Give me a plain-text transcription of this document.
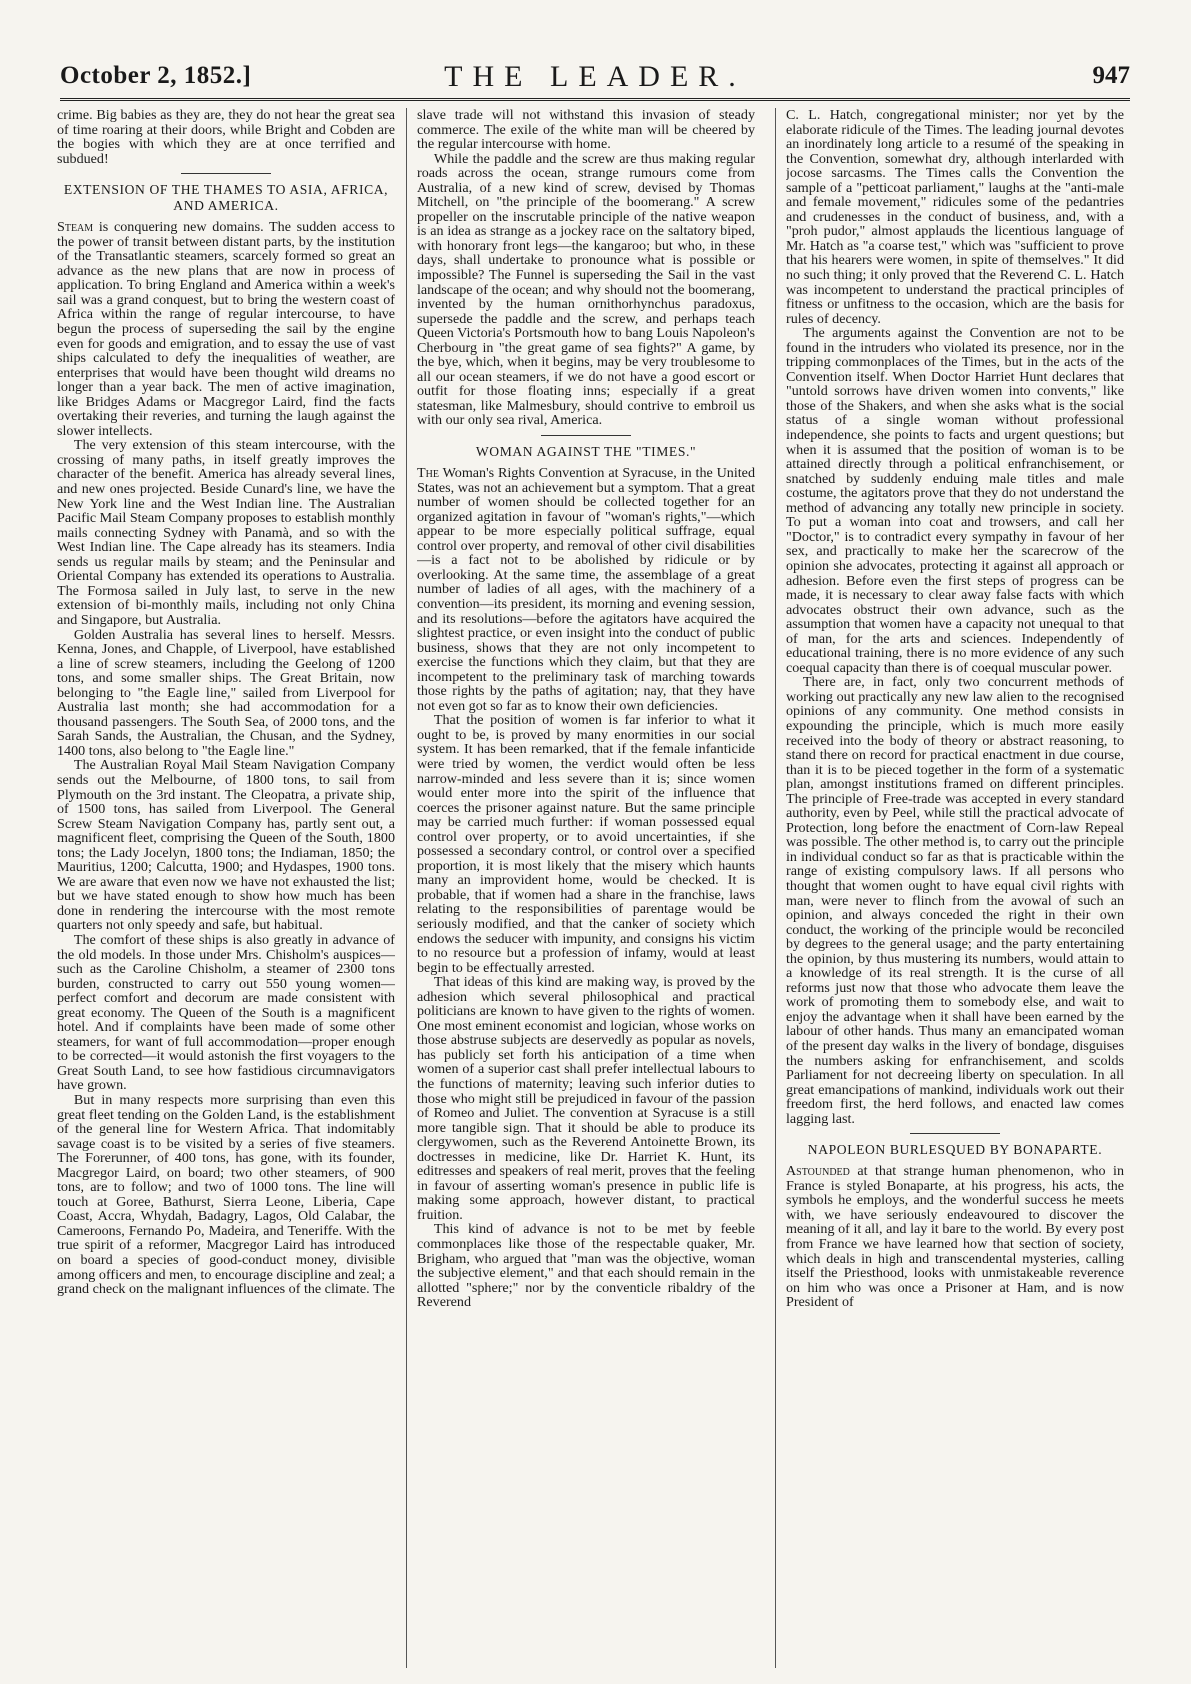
October 2, 1852.]	THE LEADER.	947

crime. Big babies as they are, they do not hear the great sea of time roaring at their doors, while Bright and Cobden are the bogies with which they are at once terrified and subdued!

EXTENSION OF THE THAMES TO ASIA, AFRICA, AND AMERICA.

Steam is conquering new domains. The sudden access to the power of transit between distant parts, by the institution of the Transatlantic steamers, scarcely formed so great an advance as the new plans that are now in process of application. To bring England and America within a week's sail was a grand conquest, but to bring the western coast of Africa within the range of regular intercourse, to have begun the process of superseding the sail by the engine even for goods and emigration, and to essay the use of vast ships calculated to defy the inequalities of weather, are enterprises that would have been thought wild dreams no longer than a year back. The men of active imagination, like Bridges Adams or Macgregor Laird, find the facts overtaking their reveries, and turning the laugh against the slower intellects.

The very extension of this steam intercourse, with the crossing of many paths, in itself greatly improves the character of the benefit. America has already several lines, and new ones projected. Beside Cunard's line, we have the New York line and the West Indian line. The Australian Pacific Mail Steam Company proposes to establish monthly mails connecting Sydney with Panamà, and so with the West Indian line. The Cape already has its steamers. India sends us regular mails by steam; and the Peninsular and Oriental Company has extended its operations to Australia. The Formosa sailed in July last, to serve in the new extension of bi-monthly mails, including not only China and Singapore, but Australia.

Golden Australia has several lines to herself. Messrs. Kenna, Jones, and Chapple, of Liverpool, have established a line of screw steamers, including the Geelong of 1200 tons, and some smaller ships. The Great Britain, now belonging to "the Eagle line," sailed from Liverpool for Australia last month; she had accommodation for a thousand passengers. The South Sea, of 2000 tons, and the Sarah Sands, the Australian, the Chusan, and the Sydney, 1400 tons, also belong to "the Eagle line."

The Australian Royal Mail Steam Navigation Company sends out the Melbourne, of 1800 tons, to sail from Plymouth on the 3rd instant. The Cleopatra, a private ship, of 1500 tons, has sailed from Liverpool. The General Screw Steam Navigation Company has, partly sent out, a magnificent fleet, comprising the Queen of the South, 1800 tons; the Lady Jocelyn, 1800 tons; the Indiaman, 1850; the Mauritius, 1200; Calcutta, 1900; and Hydaspes, 1900 tons. We are aware that even now we have not exhausted the list; but we have stated enough to show how much has been done in rendering the intercourse with the most remote quarters not only speedy and safe, but habitual.

The comfort of these ships is also greatly in advance of the old models. In those under Mrs. Chisholm's auspices—such as the Caroline Chisholm, a steamer of 2300 tons burden, constructed to carry out 550 young women—perfect comfort and decorum are made consistent with great economy. The Queen of the South is a magnificent hotel. And if complaints have been made of some other steamers, for want of full accommodation—proper enough to be corrected—it would astonish the first voyagers to the Great South Land, to see how fastidious circumnavigators have grown.

But in many respects more surprising than even this great fleet tending on the Golden Land, is the establishment of the general line for Western Africa. That indomitably savage coast is to be visited by a series of five steamers. The Forerunner, of 400 tons, has gone, with its founder, Macgregor Laird, on board; two other steamers, of 900 tons, are to follow; and two of 1000 tons. The line will touch at Goree, Bathurst, Sierra Leone, Liberia, Cape Coast, Accra, Whydah, Badagry, Lagos, Old Calabar, the Cameroons, Fernando Po, Madeira, and Teneriffe. With the true spirit of a reformer, Macgregor Laird has introduced on board a species of good-conduct money, divisible among officers and men, to encourage discipline and zeal; a grand check on the malignant influences of the climate. The

slave trade will not withstand this invasion of steady commerce. The exile of the white man will be cheered by the regular intercourse with home.

While the paddle and the screw are thus making regular roads across the ocean, strange rumours come from Australia, of a new kind of screw, devised by Thomas Mitchell, on "the principle of the boomerang." A screw propeller on the inscrutable principle of the native weapon is an idea as strange as a jockey race on the saltatory biped, with honorary front legs—the kangaroo; but who, in these days, shall undertake to pronounce what is possible or impossible? The Funnel is superseding the Sail in the vast landscape of the ocean; and why should not the boomerang, invented by the human ornithorhynchus paradoxus, supersede the paddle and the screw, and perhaps teach Queen Victoria's Portsmouth how to bang Louis Napoleon's Cherbourg in "the great game of sea fights?" A game, by the bye, which, when it begins, may be very troublesome to all our ocean steamers, if we do not have a good escort or outfit for those floating inns; especially if a great statesman, like Malmesbury, should contrive to embroil us with our only sea rival, America.

WOMAN AGAINST THE "TIMES."

The Woman's Rights Convention at Syracuse, in the United States, was not an achievement but a symptom. That a great number of women should be collected together for an organized agitation in favour of "woman's rights,"—which appear to be more especially political suffrage, equal control over property, and removal of other civil disabilities—is a fact not to be abolished by ridicule or by overlooking. At the same time, the assemblage of a great number of ladies of all ages, with the machinery of a convention—its president, its morning and evening session, and its resolutions—before the agitators have acquired the slightest practice, or even insight into the conduct of public business, shows that they are not only incompetent to exercise the functions which they claim, but that they are incompetent to the preliminary task of marching towards those rights by the paths of agitation; nay, that they have not even got so far as to know their own deficiencies.

That the position of women is far inferior to what it ought to be, is proved by many enormities in our social system. It has been remarked, that if the female infanticide were tried by women, the verdict would often be less narrow-minded and less severe than it is; since women would enter more into the spirit of the influence that coerces the prisoner against nature. But the same principle may be carried much further: if woman possessed equal control over property, or to avoid uncertainties, if she possessed a secondary control, or control over a specified proportion, it is most likely that the misery which haunts many an improvident home, would be checked. It is probable, that if women had a share in the franchise, laws relating to the responsibilities of parentage would be seriously modified, and that the canker of society which endows the seducer with impunity, and consigns his victim to no resource but a profession of infamy, would at least begin to be effectually arrested.

That ideas of this kind are making way, is proved by the adhesion which several philosophical and practical politicians are known to have given to the rights of women. One most eminent economist and logician, whose works on those abstruse subjects are deservedly as popular as novels, has publicly set forth his anticipation of a time when women of a superior cast shall prefer intellectual labours to the functions of maternity; leaving such inferior duties to those who might still be prejudiced in favour of the passion of Romeo and Juliet. The convention at Syracuse is a still more tangible sign. That it should be able to produce its clergywomen, such as the Reverend Antoinette Brown, its doctresses in medicine, like Dr. Harriet K. Hunt, its editresses and speakers of real merit, proves that the feeling in favour of asserting woman's presence in public life is making some approach, however distant, to practical fruition.

This kind of advance is not to be met by feeble commonplaces like those of the respectable quaker, Mr. Brigham, who argued that "man was the objective, woman the subjective element," and that each should remain in the allotted "sphere;" nor by the conventicle ribaldry of the Reverend

C. L. Hatch, congregational minister; nor yet by the elaborate ridicule of the Times. The leading journal devotes an inordinately long article to a resumé of the speaking in the Convention, somewhat dry, although interlarded with jocose sarcasms. The Times calls the Convention the sample of a "petticoat parliament," laughs at the "anti-male and female movement," ridicules some of the pedantries and crudenesses in the conduct of business, and, with a "proh pudor," almost applauds the licentious language of Mr. Hatch as "a coarse test," which was "sufficient to prove that his hearers were women, in spite of themselves." It did no such thing; it only proved that the Reverend C. L. Hatch was incompetent to understand the practical principles of fitness or unfitness to the occasion, which are the basis for rules of decency.

The arguments against the Convention are not to be found in the intruders who violated its presence, nor in the tripping commonplaces of the Times, but in the acts of the Convention itself. When Doctor Harriet Hunt declares that "untold sorrows have driven women into convents," like those of the Shakers, and when she asks what is the social status of a single woman without professional independence, she points to facts and urgent questions; but when it is assumed that the position of woman is to be attained directly through a political enfranchisement, or snatched by suddenly enduing male titles and male costume, the agitators prove that they do not understand the method of advancing any totally new principle in society. To put a woman into coat and trowsers, and call her "Doctor," is to contradict every sympathy in favour of her sex, and practically to make her the scarecrow of the opinion she advocates, protecting it against all approach or adhesion. Before even the first steps of progress can be made, it is necessary to clear away false facts with which advocates obstruct their own advance, such as the assumption that women have a capacity not unequal to that of man, for the arts and sciences. Independently of educational training, there is no more evidence of any such coequal capacity than there is of coequal muscular power.

There are, in fact, only two concurrent methods of working out practically any new law alien to the recognised opinions of any community. One method consists in expounding the principle, which is much more easily received into the body of theory or abstract reasoning, to stand there on record for practical enactment in due course, than it is to be pieced together in the form of a systematic plan, amongst institutions framed on different principles. The principle of Free-trade was accepted in every standard authority, even by Peel, while still the practical advocate of Protection, long before the enactment of Corn-law Repeal was possible. The other method is, to carry out the principle in individual conduct so far as that is practicable within the range of existing compulsory laws. If all persons who thought that women ought to have equal civil rights with man, were never to flinch from the avowal of such an opinion, and always conceded the right in their own conduct, the working of the principle would be reconciled by degrees to the general usage; and the party entertaining the opinion, by thus mustering its numbers, would attain to a knowledge of its real strength. It is the curse of all reforms just now that those who advocate them leave the work of promoting them to somebody else, and wait to enjoy the advantage when it shall have been earned by the labour of other hands. Thus many an emancipated woman of the present day walks in the livery of bondage, disguises the numbers asking for enfranchisement, and scolds Parliament for not decreeing liberty on speculation. In all great emancipations of mankind, individuals work out their freedom first, the herd follows, and enacted law comes lagging last.

NAPOLEON BURLESQUED BY BONAPARTE.

Astounded at that strange human phenomenon, who in France is styled Bonaparte, at his progress, his acts, the symbols he employs, and the wonderful success he meets with, we have seriously endeavoured to discover the meaning of it all, and lay it bare to the world. By every post from France we have learned how that section of society, which deals in high and transcendental mysteries, calling itself the Priesthood, looks with unmistakeable reverence on him who was once a Prisoner at Ham, and is now President of
